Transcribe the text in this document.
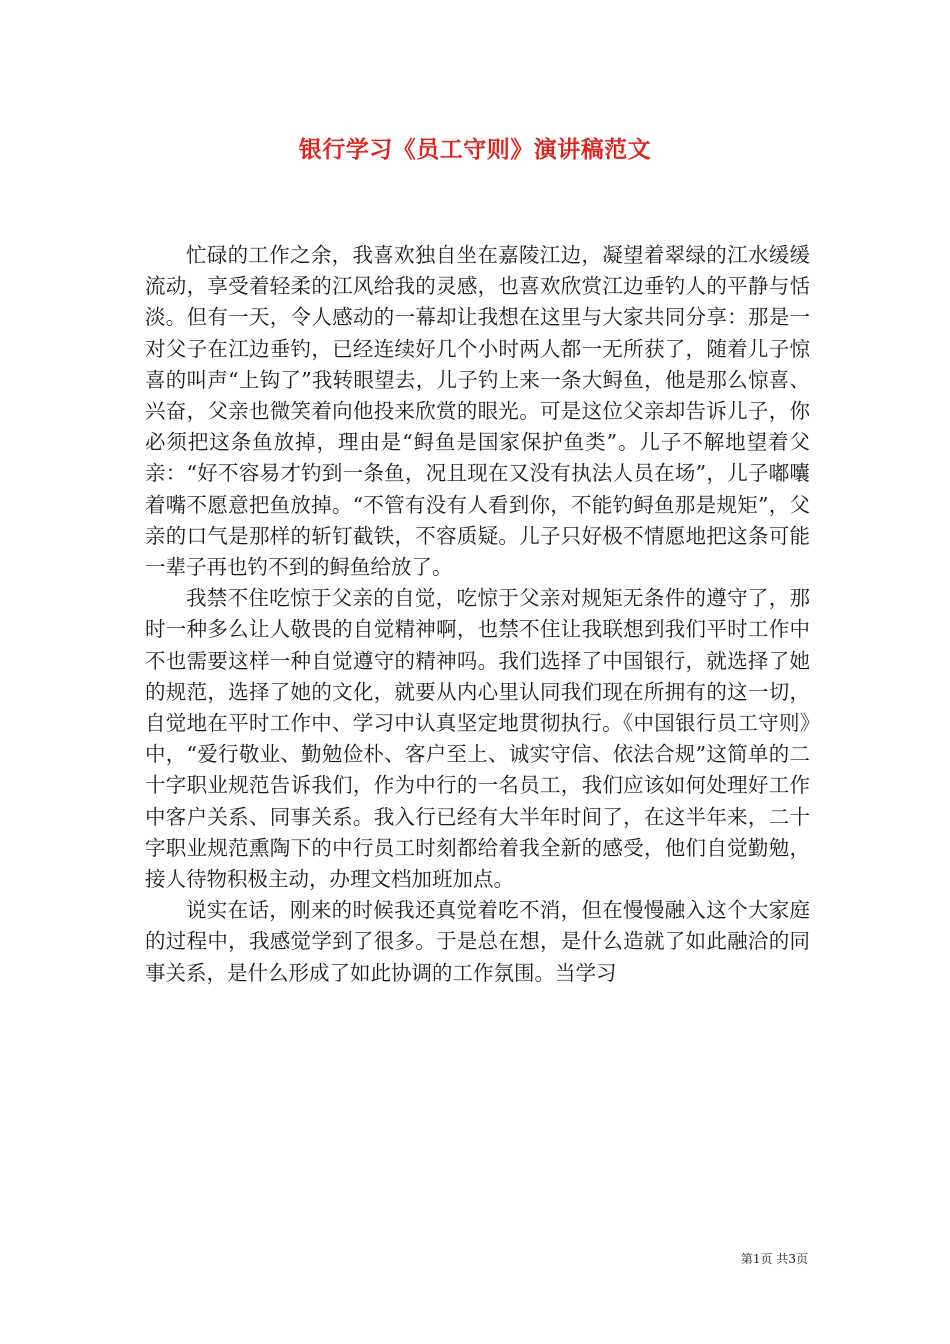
银行学习《员工守则》演讲稿范文

忙碌的工作之余，我喜欢独自坐在嘉陵江边，凝望着翠绿的江水缓缓流动，享受着轻柔的江风给我的灵感，也喜欢欣赏江边垂钓人的平静与恬淡。但有一天，令人感动的一幕却让我想在这里与大家共同分享：那是一对父子在江边垂钓，已经连续好几个小时两人都一无所获了，随着儿子惊喜的叫声“上钩了”我转眼望去，儿子钓上来一条大鲟鱼，他是那么惊喜、兴奋，父亲也微笑着向他投来欣赏的眼光。可是这位父亲却告诉儿子，你必须把这条鱼放掉，理由是“鲟鱼是国家保护鱼类”。儿子不解地望着父亲：“好不容易才钓到一条鱼，况且现在又没有执法人员在场”，儿子嘟囔着嘴不愿意把鱼放掉。“不管有没有人看到你，不能钓鲟鱼那是规矩”，父亲的口气是那样的斩钉截铁，不容质疑。儿子只好极不情愿地把这条可能一辈子再也钓不到的鲟鱼给放了。

我禁不住吃惊于父亲的自觉，吃惊于父亲对规矩无条件的遵守了，那时一种多么让人敬畏的自觉精神啊，也禁不住让我联想到我们平时工作中不也需要这样一种自觉遵守的精神吗。我们选择了中国银行，就选择了她的规范，选择了她的文化，就要从内心里认同我们现在所拥有的这一切，自觉地在平时工作中、学习中认真坚定地贯彻执行。《中国银行员工守则》中，“爱行敬业、勤勉俭朴、客户至上、诚实守信、依法合规”这简单的二十字职业规范告诉我们，作为中行的一名员工，我们应该如何处理好工作中客户关系、同事关系。我入行已经有大半年时间了，在这半年来，二十字职业规范熏陶下的中行员工时刻都给着我全新的感受，他们自觉勤勉，接人待物积极主动，办理文档加班加点。

说实在话，刚来的时候我还真觉着吃不消，但在慢慢融入这个大家庭的过程中，我感觉学到了很多。于是总在想，是什么造就了如此融洽的同事关系，是什么形成了如此协调的工作氛围。当学习

第1页 共3页
